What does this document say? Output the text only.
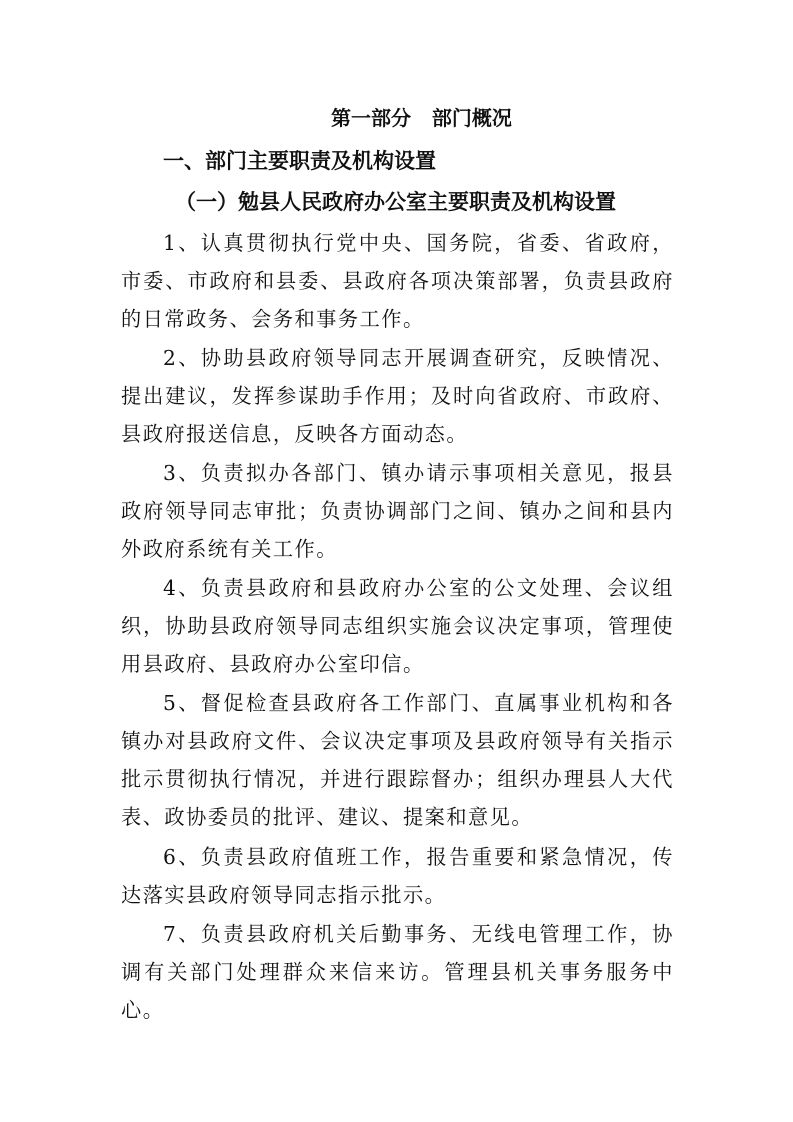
第一部分   部门概况
一、部门主要职责及机构设置
（一）勉县人民政府办公室主要职责及机构设置

1、认真贯彻执行党中央、国务院，省委、省政府，市委、市政府和县委、县政府各项决策部署，负责县政府的日常政务、会务和事务工作。

2、协助县政府领导同志开展调查研究，反映情况、提出建议，发挥参谋助手作用；及时向省政府、市政府、县政府报送信息，反映各方面动态。

3、负责拟办各部门、镇办请示事项相关意见，报县政府领导同志审批；负责协调部门之间、镇办之间和县内外政府系统有关工作。

4、负责县政府和县政府办公室的公文处理、会议组织，协助县政府领导同志组织实施会议决定事项，管理使用县政府、县政府办公室印信。

5、督促检查县政府各工作部门、直属事业机构和各镇办对县政府文件、会议决定事项及县政府领导有关指示批示贯彻执行情况，并进行跟踪督办；组织办理县人大代表、政协委员的批评、建议、提案和意见。

6、负责县政府值班工作，报告重要和紧急情况，传达落实县政府领导同志指示批示。

7、负责县政府机关后勤事务、无线电管理工作，协调有关部门处理群众来信来访。管理县机关事务服务中心。
